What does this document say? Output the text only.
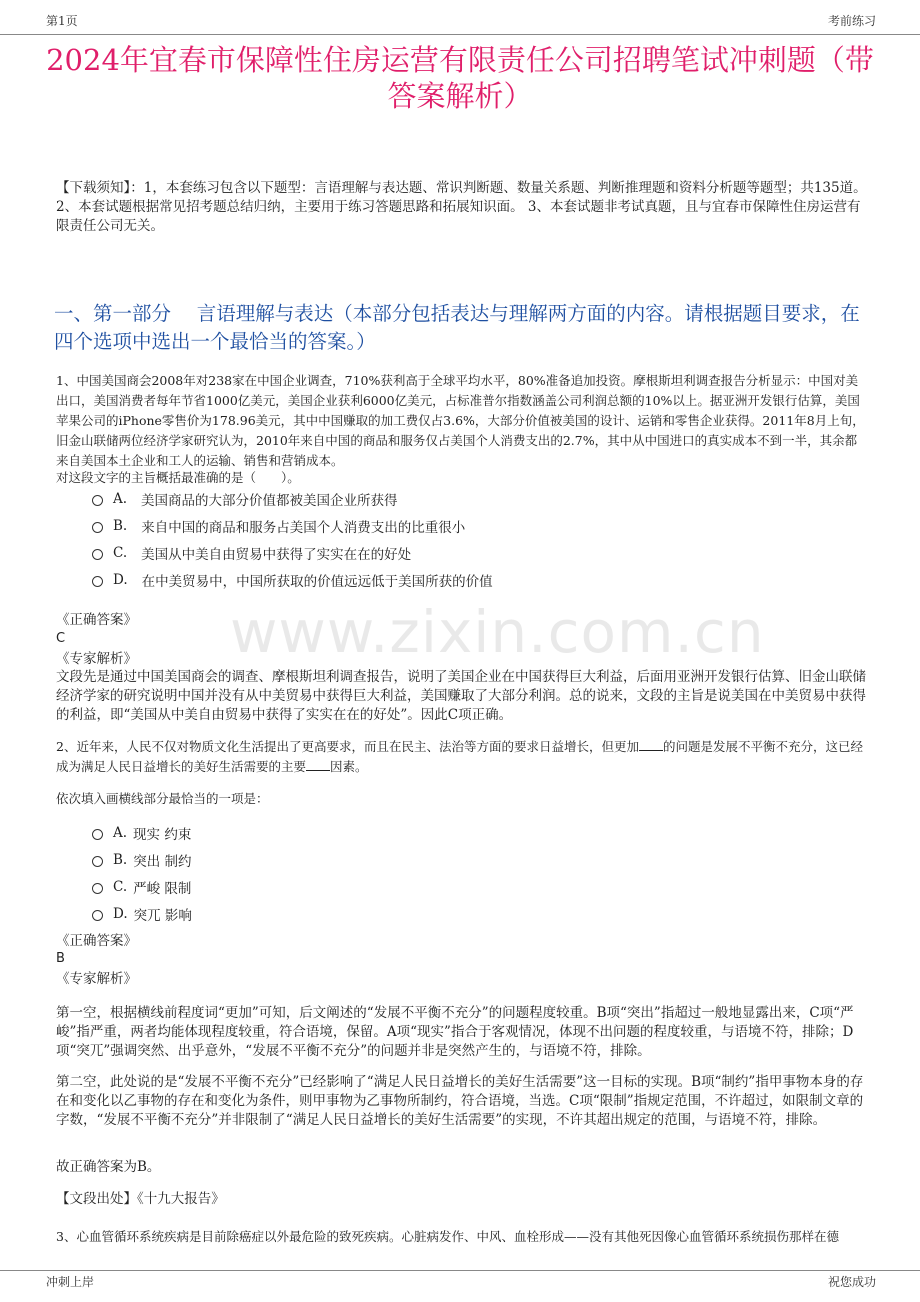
第1页	考前练习
2024年宜春市保障性住房运营有限责任公司招聘笔试冲刺题（带答案解析）
【下载须知】：1，本套练习包含以下题型：言语理解与表达题、常识判断题、数量关系题、判断推理题和资料分析题等题型；共135道。 2、本套试题根据常见招考题总结归纳，主要用于练习答题思路和拓展知识面。 3、本套试题非考试真题，且与宜春市保障性住房运营有限责任公司无关。
一、第一部分　 言语理解与表达（本部分包括表达与理解两方面的内容。请根据题目要求，在四个选项中选出一个最恰当的答案。）
1、中国美国商会2008年对238家在中国企业调查，710%获利高于全球平均水平，80%准备追加投资。摩根斯坦利调查报告分析显示：中国对美出口，美国消费者每年节省1000亿美元，美国企业获利6000亿美元，占标准普尔指数涵盖公司利润总额的10%以上。据亚洲开发银行估算，美国苹果公司的iPhone零售价为178.96美元，其中中国赚取的加工费仅占3.6%，大部分价值被美国的设计、运销和零售企业获得。2011年8月上旬，旧金山联储两位经济学家研究认为，2010年来自中国的商品和服务仅占美国个人消费支出的2.7%，其中从中国进口的真实成本不到一半，其余都来自美国本土企业和工人的运输、销售和营销成本。
对这段文字的主旨概括最准确的是（　　）。
A. 美国商品的大部分价值都被美国企业所获得
B. 来自中国的商品和服务占美国个人消费支出的比重很小
C. 美国从中美自由贸易中获得了实实在在的好处
D. 在中美贸易中，中国所获取的价值远远低于美国所获的价值
《正确答案》
C
《专家解析》
文段先是通过中国美国商会的调查、摩根斯坦利调查报告，说明了美国企业在中国获得巨大利益，后面用亚洲开发银行估算、旧金山联储经济学家的研究说明中国并没有从中美贸易中获得巨大利益，美国赚取了大部分利润。总的说来，文段的主旨是说美国在中美贸易中获得的利益，即“美国从中美自由贸易中获得了实实在在的好处”。因此C项正确。
www.zixin.com.cn
2、近年来，人民不仅对物质文化生活提出了更高要求，而且在民主、法治等方面的要求日益增长，但更加 的问题是发展不平衡不充分，这已经成为满足人民日益增长的美好生活需要的主要 因素。
依次填入画横线部分最恰当的一项是：
A. 现实 约束
B. 突出 制约
C. 严峻 限制
D. 突兀 影响
《正确答案》
B
《专家解析》
第一空，根据横线前程度词“更加”可知，后文阐述的“发展不平衡不充分”的问题程度较重。B项“突出”指超过一般地显露出来，C项“严峻”指严重，两者均能体现程度较重，符合语境，保留。A项“现实”指合于客观情况，体现不出问题的程度较重，与语境不符，排除；D项“突兀”强调突然、出乎意外，“发展不平衡不充分”的问题并非是突然产生的，与语境不符，排除。
第二空，此处说的是“发展不平衡不充分”已经影响了“满足人民日益增长的美好生活需要”这一目标的实现。B项“制约”指甲事物本身的存在和变化以乙事物的存在和变化为条件，则甲事物为乙事物所制约，符合语境，当选。C项“限制”指规定范围，不许超过，如限制文章的字数，“发展不平衡不充分”并非限制了“满足人民日益增长的美好生活需要”的实现，不许其超出规定的范围，与语境不符，排除。
故正确答案为B。
【文段出处】《十九大报告》
3、心血管循环系统疾病是目前除癌症以外最危险的致死疾病。心脏病发作、中风、血栓形成——没有其他死因像心血管循环系统损伤那样在德
冲刺上岸	祝您成功
